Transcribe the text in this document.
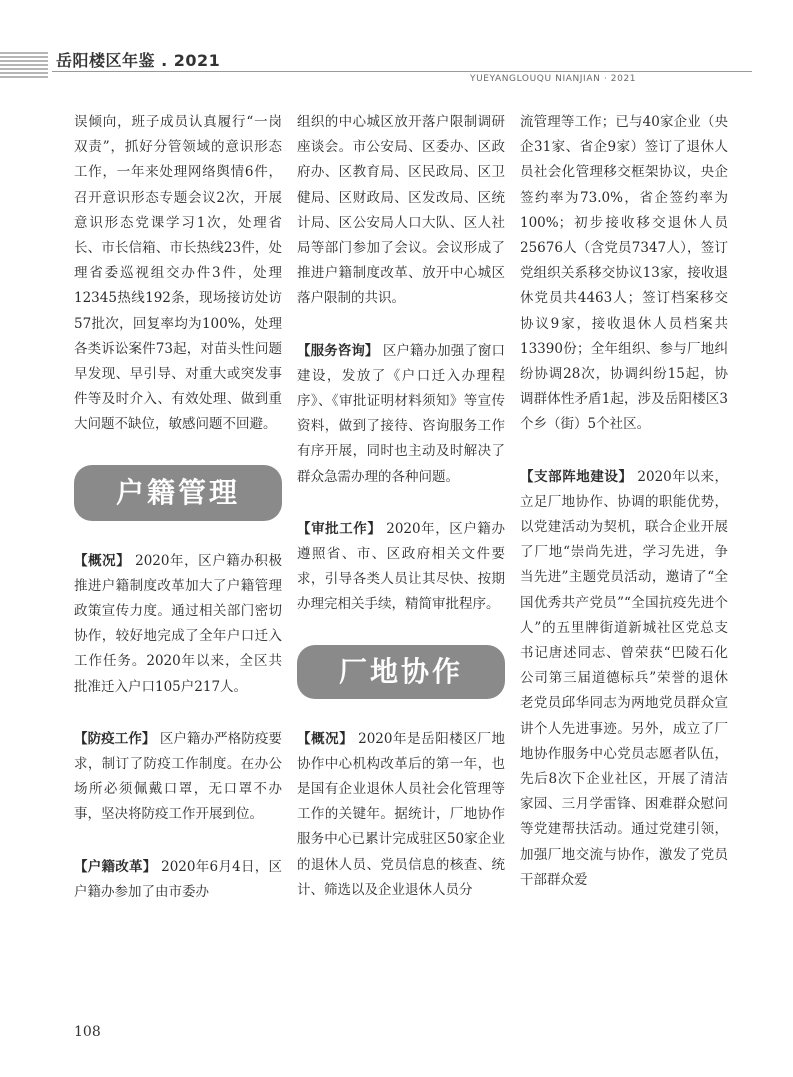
岳阳楼区年鉴 . 2021
YUEYANGLOUQU NIANJIAN · 2021

误倾向，班子成员认真履行“一岗双责”，抓好分管领域的意识形态工作，一年来处理网络舆情6件，召开意识形态专题会议2次，开展意识形态党课学习1次，处理省长、市长信箱、市长热线23件，处理省委巡视组交办件3件，处理12345热线192条，现场接访处访57批次，回复率均为100%，处理各类诉讼案件73起，对苗头性问题早发现、早引导、对重大或突发事件等及时介入、有效处理、做到重大问题不缺位，敏感问题不回避。

户籍管理

【概况】 2020年，区户籍办积极推进户籍制度改革加大了户籍管理政策宣传力度。通过相关部门密切协作，较好地完成了全年户口迁入工作任务。2020年以来，全区共批准迁入户口105户217人。

【防疫工作】 区户籍办严格防疫要求，制订了防疫工作制度。在办公场所必须佩戴口罩，无口罩不办事，坚决将防疫工作开展到位。

【户籍改革】 2020年6月4日，区户籍办参加了由市委办

组织的中心城区放开落户限制调研座谈会。市公安局、区委办、区政府办、区教育局、区民政局、区卫健局、区财政局、区发改局、区统计局、区公安局人口大队、区人社局等部门参加了会议。会议形成了推进户籍制度改革、放开中心城区落户限制的共识。

【服务咨询】 区户籍办加强了窗口建设，发放了《户口迁入办理程序》、《审批证明材料须知》等宣传资料，做到了接待、咨询服务工作有序开展，同时也主动及时解决了群众急需办理的各种问题。

【审批工作】 2020年，区户籍办遵照省、市、区政府相关文件要求，引导各类人员让其尽快、按期办理完相关手续，精简审批程序。

厂地协作

【概况】 2020年是岳阳楼区厂地协作中心机构改革后的第一年，也是国有企业退休人员社会化管理等工作的关键年。据统计，厂地协作服务中心已累计完成驻区50家企业的退休人员、党员信息的核查、统计、筛选以及企业退休人员分

流管理等工作；已与40家企业（央企31家、省企9家）签订了退休人员社会化管理移交框架协议，央企签约率为73.0%，省企签约率为100%；初步接收移交退休人员25676人（含党员7347人），签订党组织关系移交协议13家，接收退休党员共4463人；签订档案移交协议9家，接收退休人员档案共13390份；全年组织、参与厂地纠纷协调28次，协调纠纷15起，协调群体性矛盾1起，涉及岳阳楼区3个乡（街）5个社区。

【支部阵地建设】 2020年以来，立足厂地协作、协调的职能优势，以党建活动为契机，联合企业开展了厂地“崇尚先进，学习先进，争当先进”主题党员活动，邀请了“全国优秀共产党员”“全国抗疫先进个人”的五里牌街道新城社区党总支书记唐述同志、曾荣获“巴陵石化公司第三届道德标兵”荣誉的退休老党员邱华同志为两地党员群众宣讲个人先进事迹。另外，成立了厂地协作服务中心党员志愿者队伍，先后8次下企业社区，开展了清洁家园、三月学雷锋、困难群众慰问等党建帮扶活动。通过党建引领，加强厂地交流与协作，激发了党员干部群众爱

108
